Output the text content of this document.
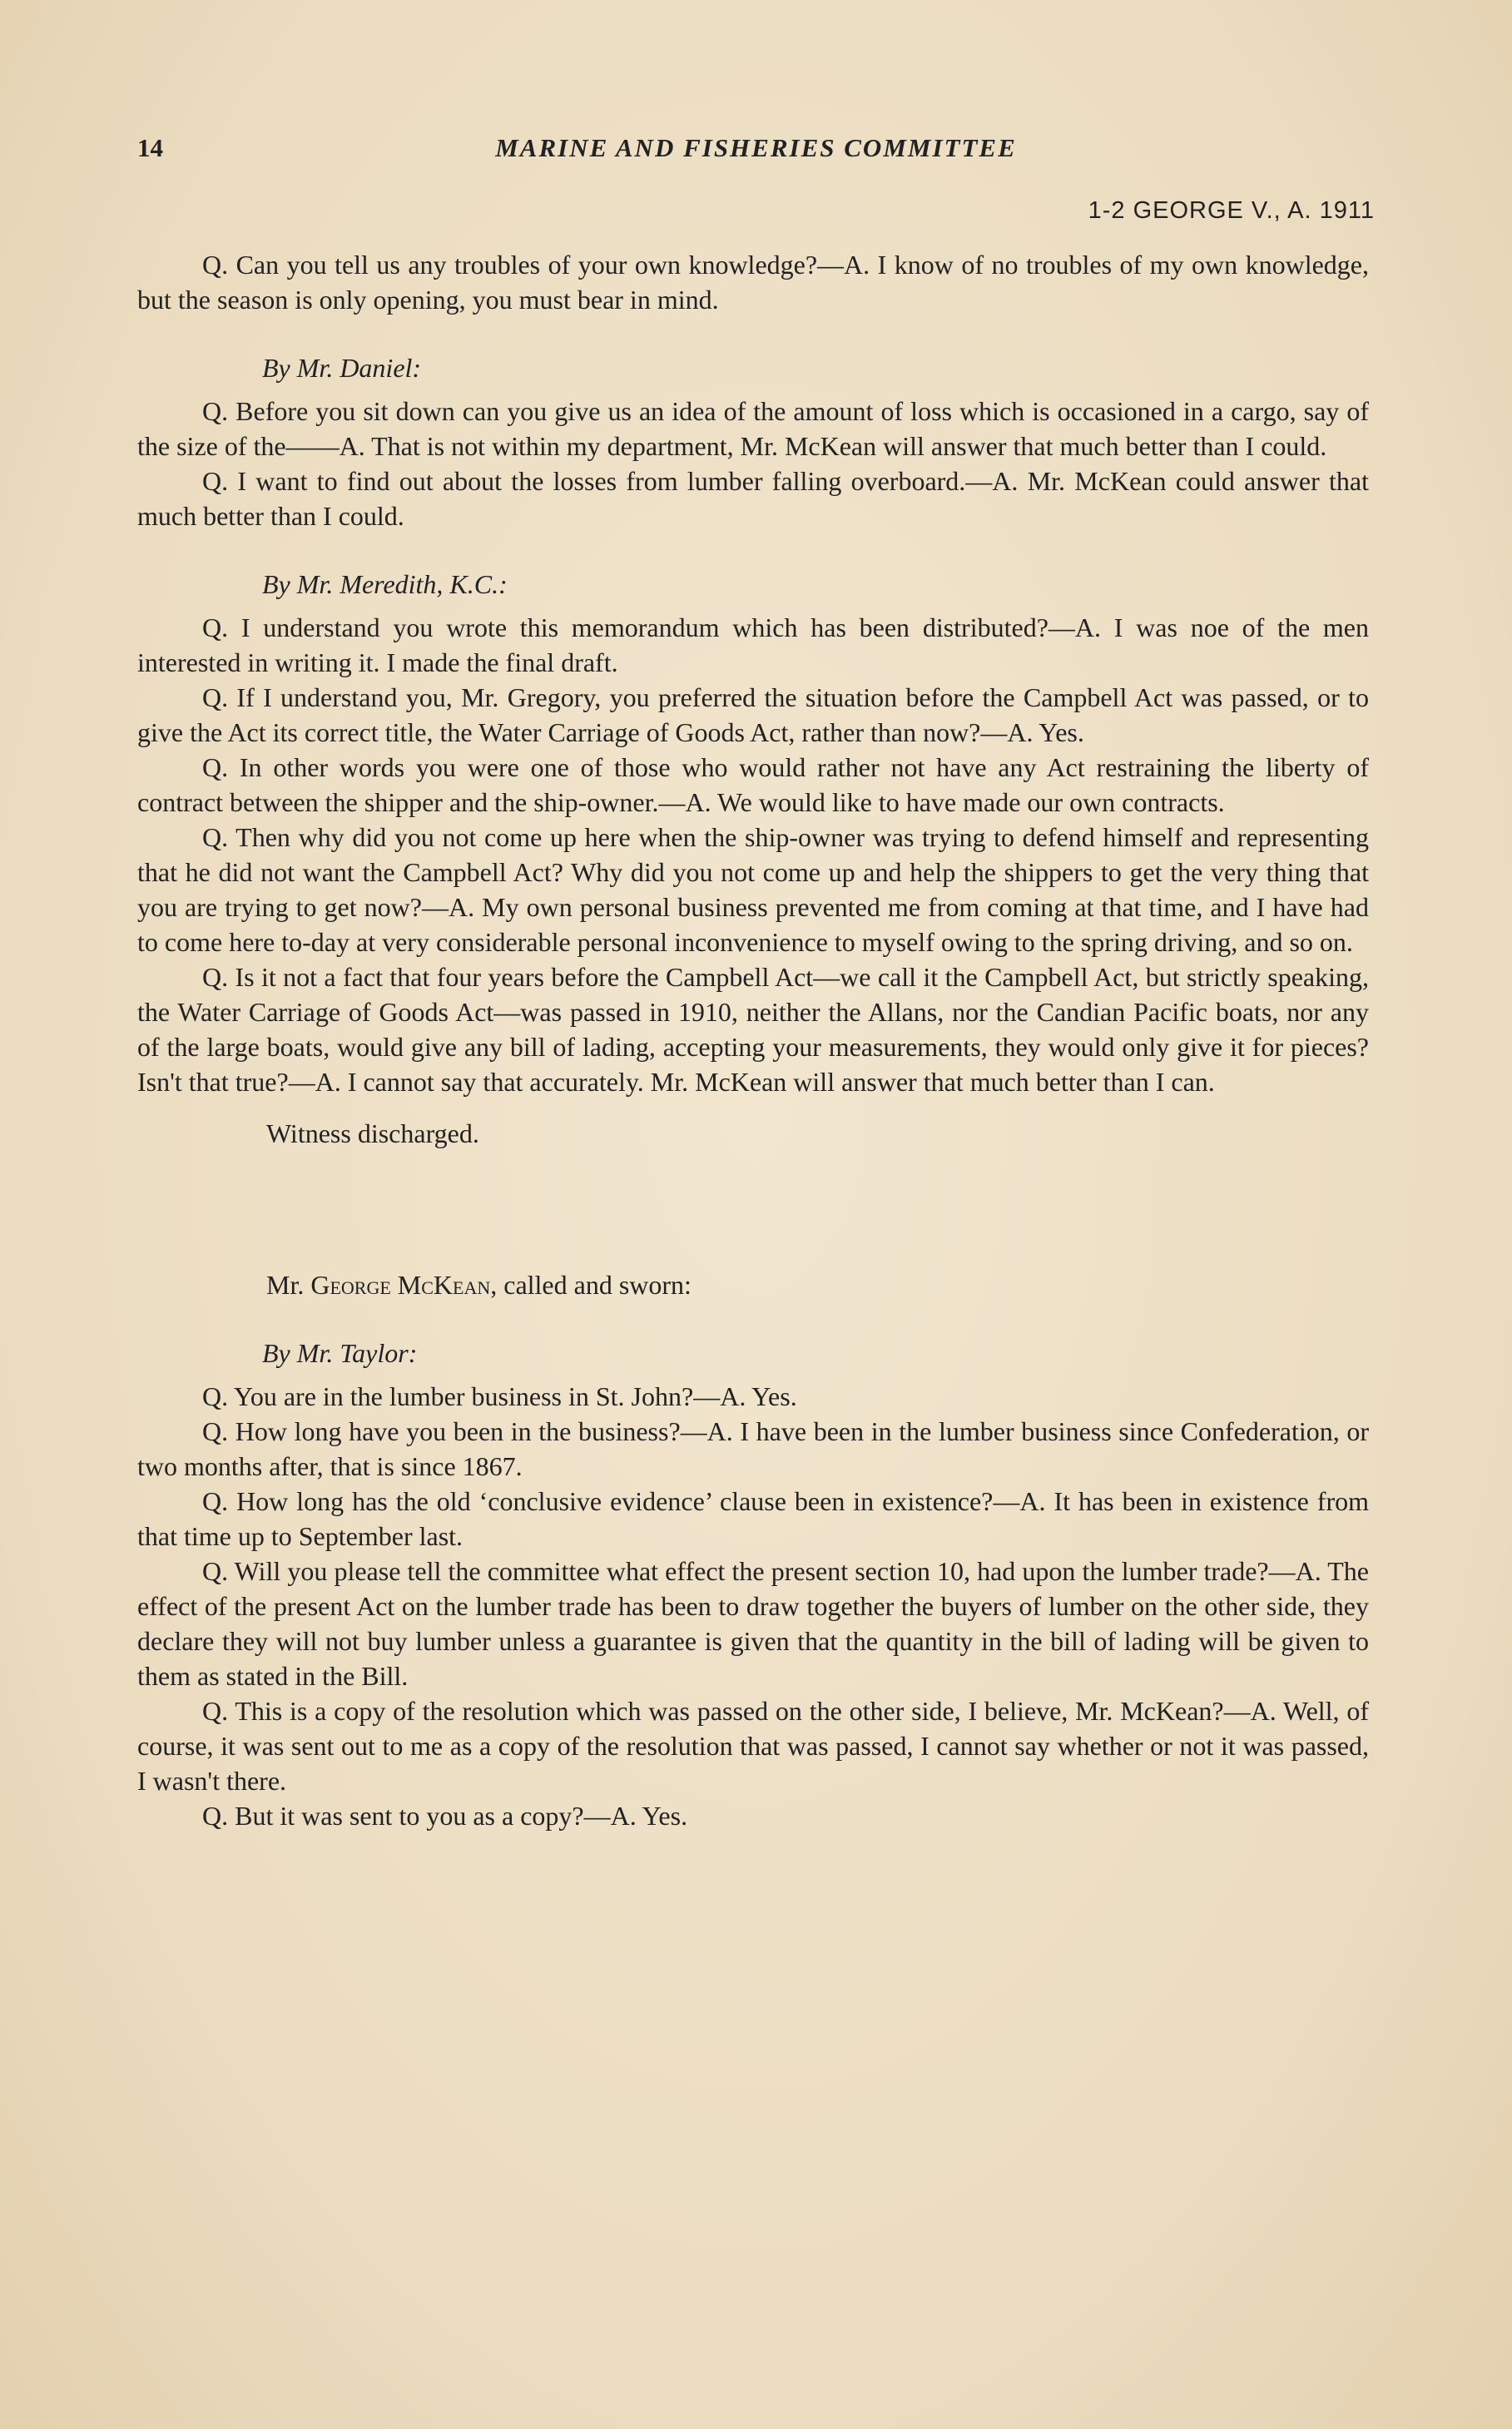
14	MARINE AND FISHERIES COMMITTEE
1-2 GEORGE V., A. 1911

Q. Can you tell us any troubles of your own knowledge?—A. I know of no troubles of my own knowledge, but the season is only opening, you must bear in mind.

By Mr. Daniel:

Q. Before you sit down can you give us an idea of the amount of loss which is occasioned in a cargo, say of the size of the——A. That is not within my department, Mr. McKean will answer that much better than I could.

Q. I want to find out about the losses from lumber falling overboard.—A. Mr. McKean could answer that much better than I could.

By Mr. Meredith, K.C.:

Q. I understand you wrote this memorandum which has been distributed?—A. I was noe of the men interested in writing it. I made the final draft.

Q. If I understand you, Mr. Gregory, you preferred the situation before the Campbell Act was passed, or to give the Act its correct title, the Water Carriage of Goods Act, rather than now?—A. Yes.

Q. In other words you were one of those who would rather not have any Act restraining the liberty of contract between the shipper and the ship-owner.—A. We would like to have made our own contracts.

Q. Then why did you not come up here when the ship-owner was trying to defend himself and representing that he did not want the Campbell Act? Why did you not come up and help the shippers to get the very thing that you are trying to get now?—A. My own personal business prevented me from coming at that time, and I have had to come here to-day at very considerable personal inconvenience to myself owing to the spring driving, and so on.

Q. Is it not a fact that four years before the Campbell Act—we call it the Campbell Act, but strictly speaking, the Water Carriage of Goods Act—was passed in 1910, neither the Allans, nor the Candian Pacific boats, nor any of the large boats, would give any bill of lading, accepting your measurements, they would only give it for pieces? Isn't that true?—A. I cannot say that accurately. Mr. McKean will answer that much better than I can.

Witness discharged.

Mr. George McKean, called and sworn:

By Mr. Taylor:

Q. You are in the lumber business in St. John?—A. Yes.

Q. How long have you been in the business?—A. I have been in the lumber business since Confederation, or two months after, that is since 1867.

Q. How long has the old ‘conclusive evidence’ clause been in existence?—A. It has been in existence from that time up to September last.

Q. Will you please tell the committee what effect the present section 10, had upon the lumber trade?—A. The effect of the present Act on the lumber trade has been to draw together the buyers of lumber on the other side, they declare they will not buy lumber unless a guarantee is given that the quantity in the bill of lading will be given to them as stated in the Bill.

Q. This is a copy of the resolution which was passed on the other side, I believe, Mr. McKean?—A. Well, of course, it was sent out to me as a copy of the resolution that was passed, I cannot say whether or not it was passed, I wasn't there.

Q. But it was sent to you as a copy?—A. Yes.
